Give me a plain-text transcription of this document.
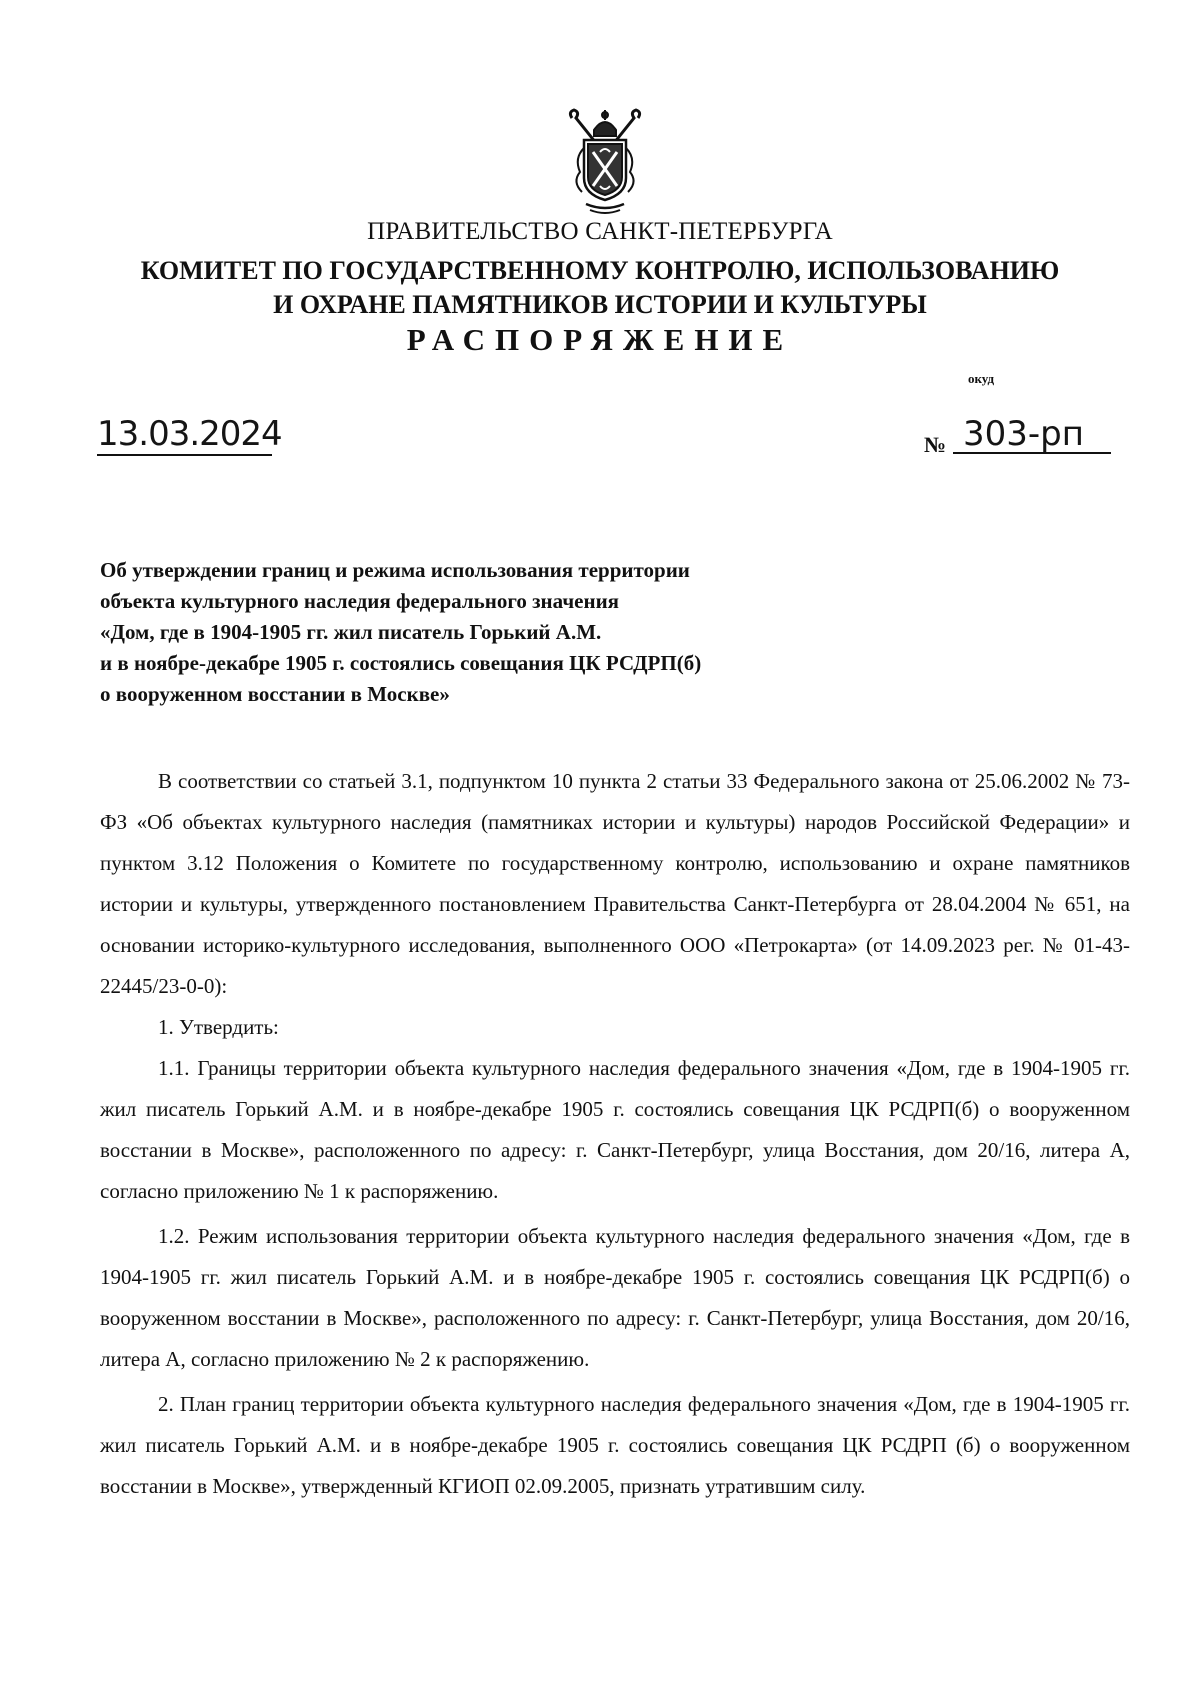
ПРАВИТЕЛЬСТВО САНКТ-ПЕТЕРБУРГА
КОМИТЕТ ПО ГОСУДАРСТВЕННОМУ КОНТРОЛЮ, ИСПОЛЬЗОВАНИЮ
И ОХРАНЕ ПАМЯТНИКОВ ИСТОРИИ И КУЛЬТУРЫ
РАСПОРЯЖЕНИЕ
окуд
13.03.2024	№ 303-рп
Об утверждении границ и режима использования территории
объекта культурного наследия федерального значения
«Дом, где в 1904-1905 гг. жил писатель Горький А.М.
и в ноябре-декабре 1905 г. состоялись совещания ЦК РСДРП(б)
о вооруженном восстании в Москве»

В соответствии со статьей 3.1, подпунктом 10 пункта 2 статьи 33 Федерального закона от 25.06.2002 № 73-ФЗ «Об объектах культурного наследия (памятниках истории и культуры) народов Российской Федерации» и пунктом 3.12 Положения о Комитете по государственному контролю, использованию и охране памятников истории и культуры, утвержденного постановлением Правительства Санкт-Петербурга от 28.04.2004 № 651, на основании историко-культурного исследования, выполненного ООО «Петрокарта» (от 14.09.2023 рег. № 01-43-22445/23-0-0):

1. Утвердить:

1.1. Границы территории объекта культурного наследия федерального значения «Дом, где в 1904-1905 гг. жил писатель Горький А.М. и в ноябре-декабре 1905 г. состоялись совещания ЦК РСДРП(б) о вооруженном восстании в Москве», расположенного по адресу: г. Санкт-Петербург, улица Восстания, дом 20/16, литера А, согласно приложению № 1 к распоряжению.

1.2. Режим использования территории объекта культурного наследия федерального значения «Дом, где в 1904-1905 гг. жил писатель Горький А.М. и в ноябре-декабре 1905 г. состоялись совещания ЦК РСДРП(б) о вооруженном восстании в Москве», расположенного по адресу: г. Санкт-Петербург, улица Восстания, дом 20/16, литера А, согласно приложению № 2 к распоряжению.

2. План границ территории объекта культурного наследия федерального значения «Дом, где в 1904-1905 гг. жил писатель Горький А.М. и в ноябре-декабре 1905 г. состоялись совещания ЦК РСДРП (б) о вооруженном восстании в Москве», утвержденный КГИОП 02.09.2005, признать утратившим силу.
